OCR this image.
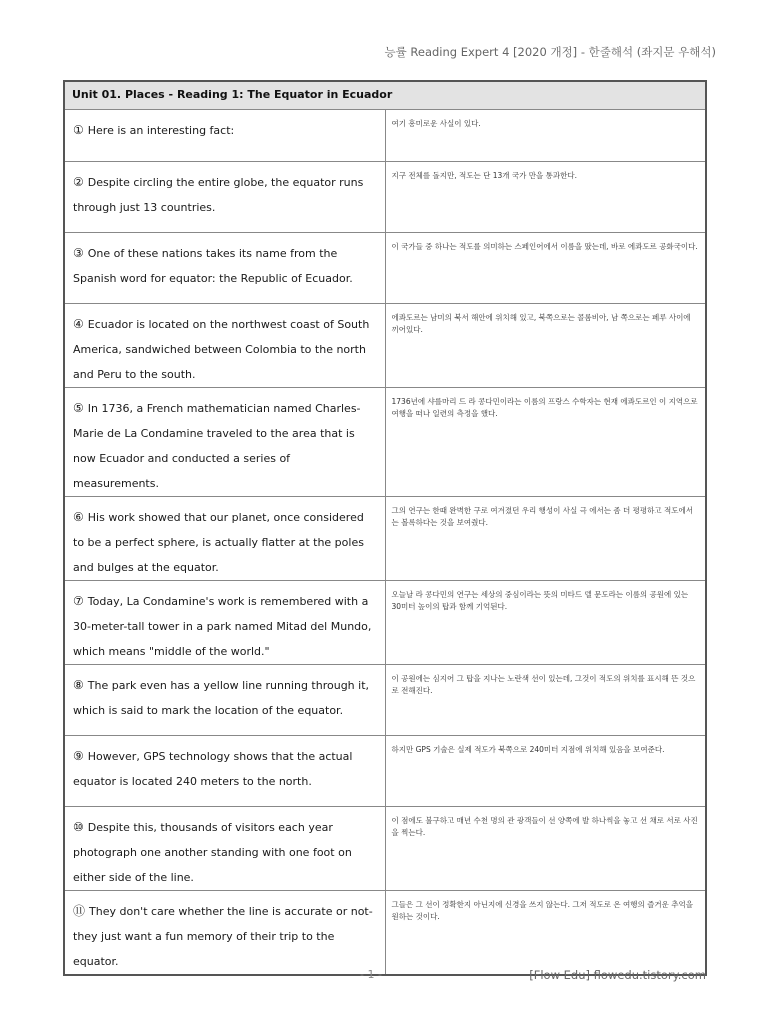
능률 Reading Expert 4 [2020 개정] - 한줄해석 (좌지문 우해석)
Unit 01. Places - Reading 1: The Equator in Ecuador	
① Here is an interesting fact:	여기 흥미로운 사실이 있다.
② Despite circling the entire globe, the equator runs through just 13 countries.	지구 전체를 돌지만, 적도는 단 13개 국가 만을 통과한다.
③ One of these nations takes its name from the Spanish word for equator: the Republic of Ecuador.	이 국가들 중 하나는 적도를 의미하는 스페인어에서 이름을 땄는데, 바로 에콰도르 공화국이다.
④ Ecuador is located on the northwest coast of South America, sandwiched between Colombia to the north and Peru to the south.	에콰도르는 남미의 북서 해안에 위치해 있고, 북쪽으로는 콜롬비아, 남 쪽으로는 페루 사이에 끼어있다.
⑤ In 1736, a French mathematician named Charles-Marie de La Condamine traveled to the area that is now Ecuador and conducted a series of measurements.	1736년에 샤를마리 드 라 콩다민이라는 이름의 프랑스 수학자는 현재 에콰도르인 이 지역으로 여행을 떠나 일련의 측정을 했다.
⑥ His work showed that our planet, once considered to be a perfect sphere, is actually flatter at the poles and bulges at the equator.	그의 연구는 한때 완벽한 구로 여겨졌던 우리 행성이 사실 극 에서는 좀 더 평평하고 적도에서는 볼록하다는 것을 보여줬다.
⑦ Today, La Condamine's work is remembered with a 30-meter-tall tower in a park named Mitad del Mundo, which means "middle of the world."	오늘날 라 콩다민의 연구는 세상의 중심이라는 뜻의 미타드 델 문도라는 이름의 공원에 있는 30미터 높이의 탑과 함께 기억된다.
⑧ The park even has a yellow line running through it, which is said to mark the location of the equator.	이 공원에는 심지어 그 탑을 지나는 노란색 선이 있는데, 그것이 적도의 위치를 표시해 뜬 것으로 전해진다.
⑨ However, GPS technology shows that the actual equator is located 240 meters to the north.	하지만 GPS 기술은 실제 적도가 북쪽으로 240미터 지점에 위치해 있음을 보여준다.
⑩ Despite this, thousands of visitors each year photograph one another standing with one foot on either side of the line.	이 점에도 불구하고 매년 수천 명의 관 광객들이 선 양쪽에 발 하나씩을 놓고 선 채로 서로 사진을 찍는다.
⑪ They don't care whether the line is accurate or not-they just want a fun memory of their trip to the equator.	그들은 그 선이 정확한지 아닌지에 신경을 쓰지 않는다. 그저 적도로 온 여행의 즐거운 추억을 원하는 것이다.
- 1 -	[Flow Edu] flowedu.tistory.com
